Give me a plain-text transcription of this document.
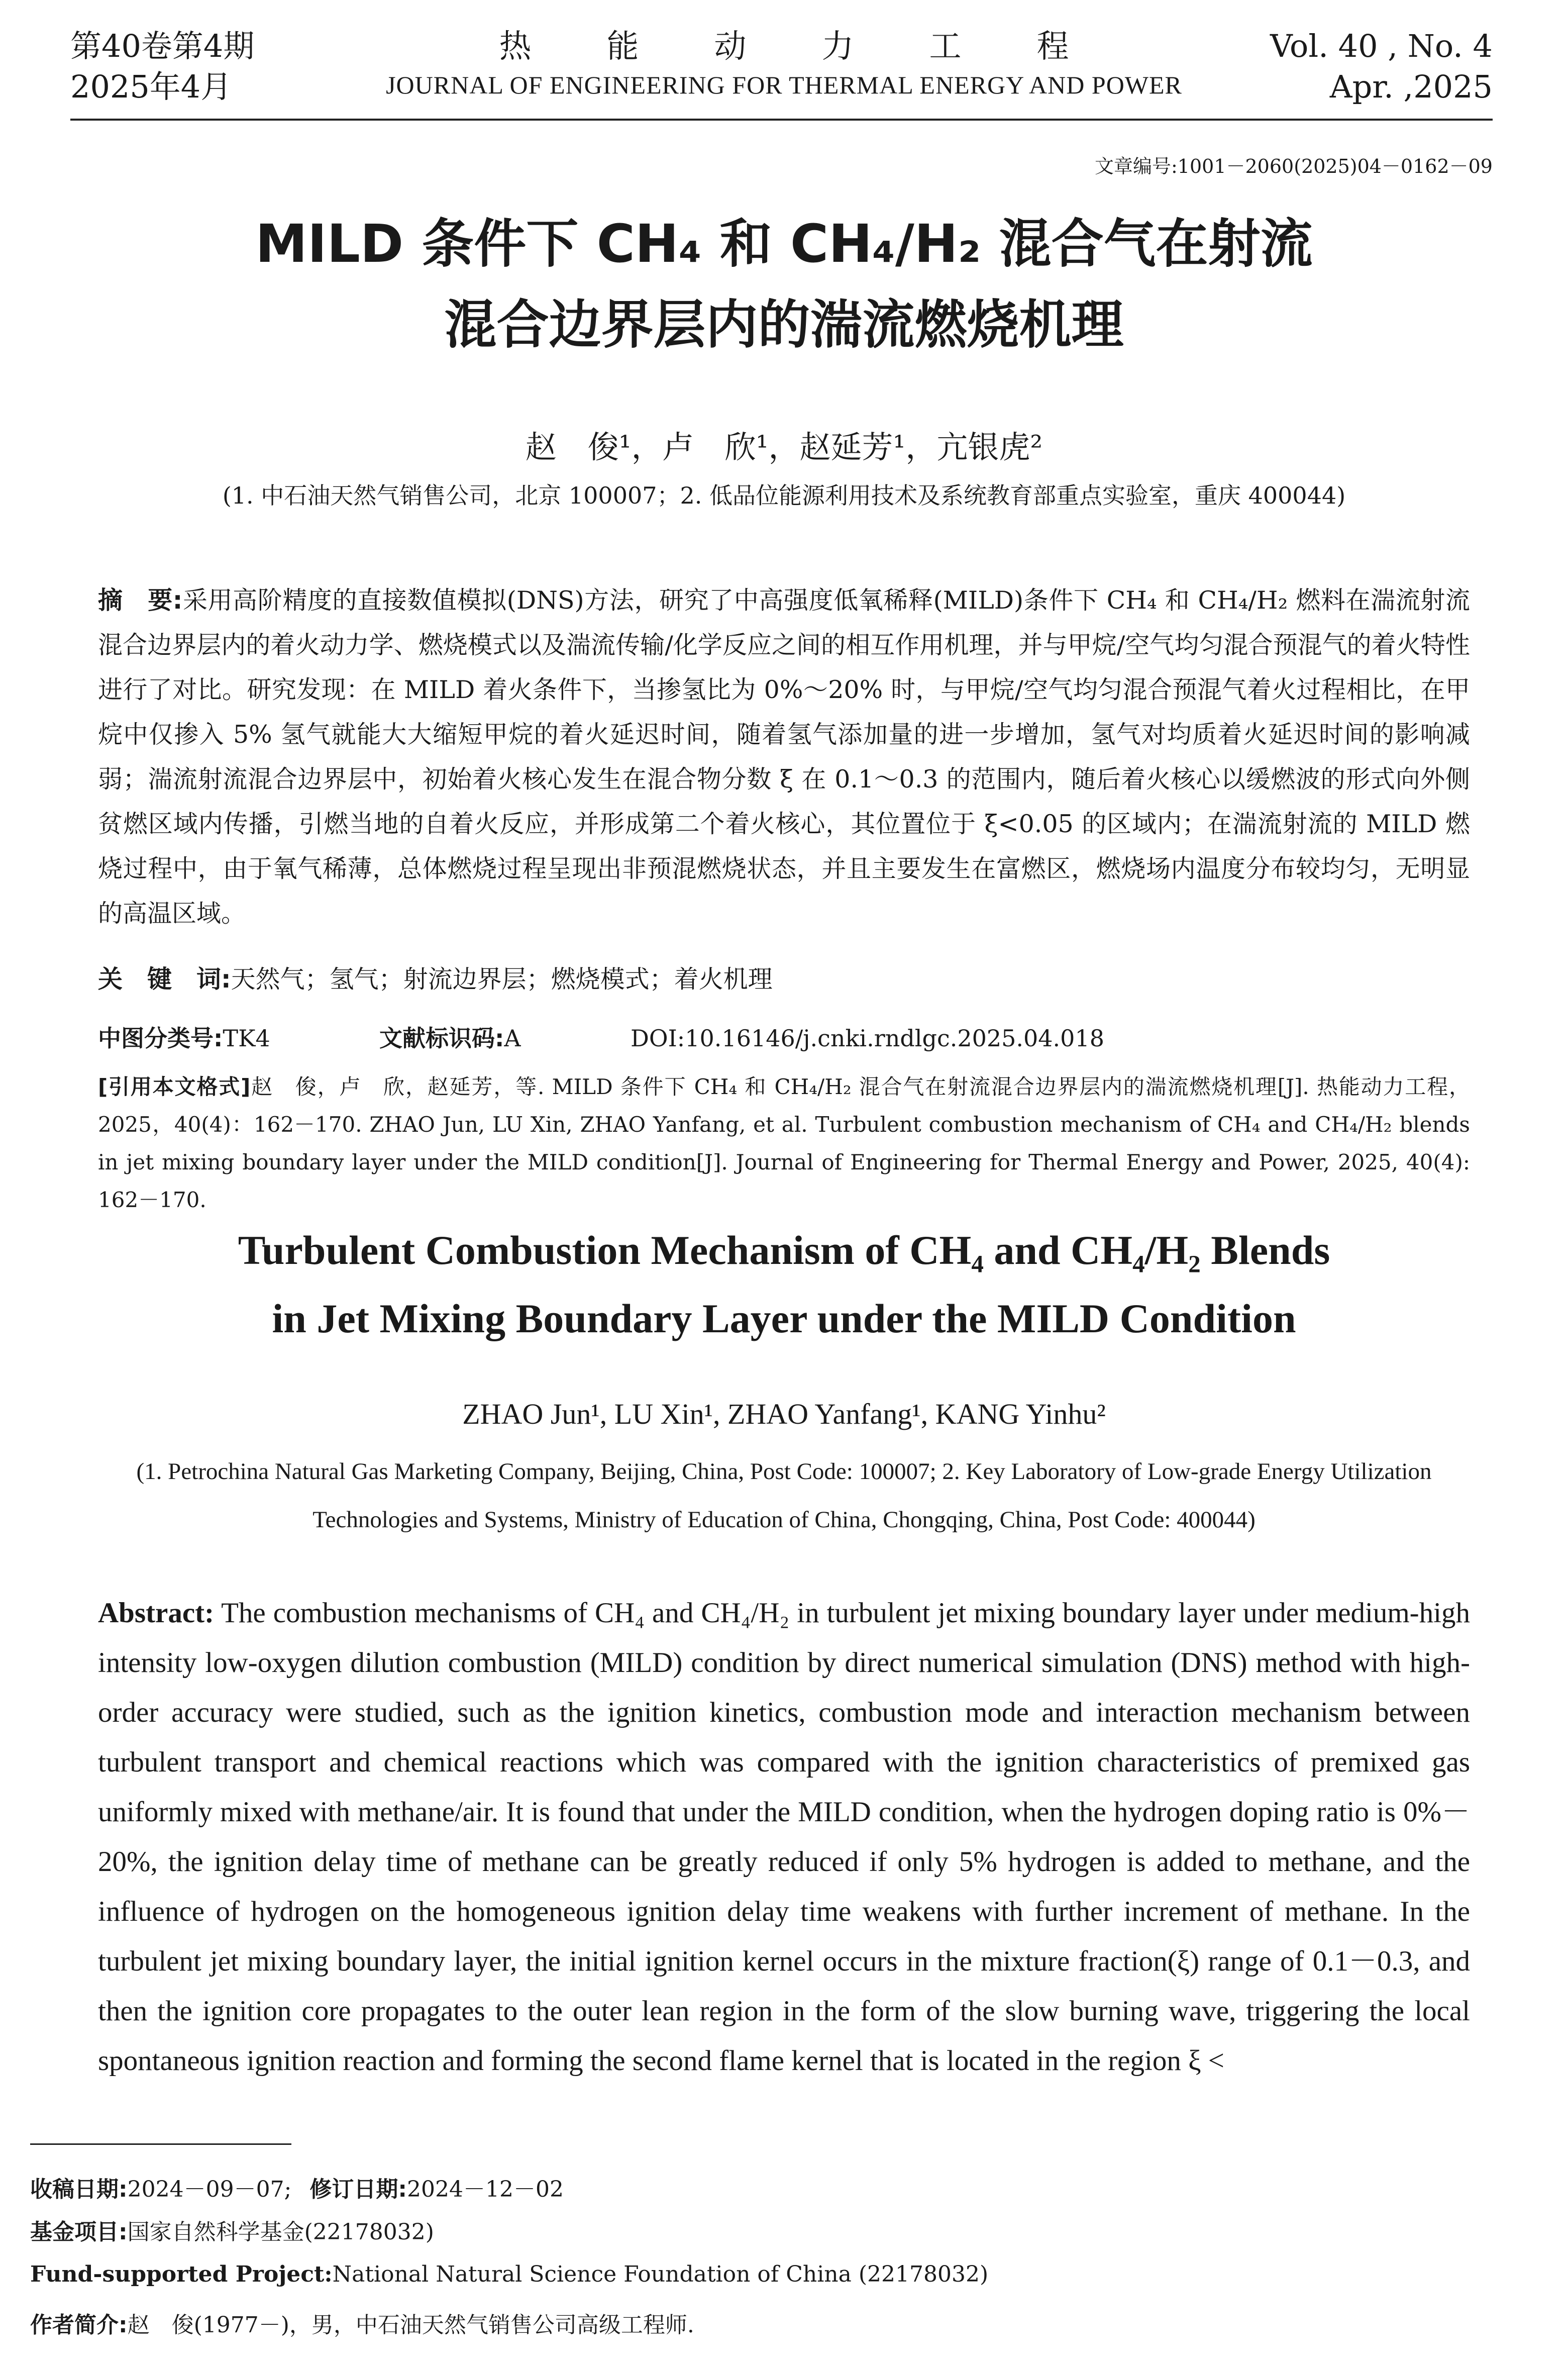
第40卷第4期
2025年4月
热能动力工程
JOURNAL OF ENGINEERING FOR THERMAL ENERGY AND POWER
Vol. 40 , No. 4
Apr. ,2025
文章编号:1001－2060(2025)04－0162－09
MILD 条件下 CH₄ 和 CH₄/H₂ 混合气在射流
混合边界层内的湍流燃烧机理
赵　俊¹，卢　欣¹，赵延芳¹，亢银虎²
(1. 中石油天然气销售公司，北京 100007；2. 低品位能源利用技术及系统教育部重点实验室，重庆 400044)
摘　要:采用高阶精度的直接数值模拟(DNS)方法，研究了中高强度低氧稀释(MILD)条件下 CH₄ 和 CH₄/H₂ 燃料在湍流射流混合边界层内的着火动力学、燃烧模式以及湍流传输/化学反应之间的相互作用机理，并与甲烷/空气均匀混合预混气的着火特性进行了对比。研究发现：在 MILD 着火条件下，当掺氢比为 0%～20% 时，与甲烷/空气均匀混合预混气着火过程相比，在甲烷中仅掺入 5% 氢气就能大大缩短甲烷的着火延迟时间，随着氢气添加量的进一步增加，氢气对均质着火延迟时间的影响减弱；湍流射流混合边界层中，初始着火核心发生在混合物分数 ξ 在 0.1～0.3 的范围内，随后着火核心以缓燃波的形式向外侧贫燃区域内传播，引燃当地的自着火反应，并形成第二个着火核心，其位置位于 ξ<0.05 的区域内；在湍流射流的 MILD 燃烧过程中，由于氧气稀薄，总体燃烧过程呈现出非预混燃烧状态，并且主要发生在富燃区，燃烧场内温度分布较均匀，无明显的高温区域。
关　键　词:天然气；氢气；射流边界层；燃烧模式；着火机理
中图分类号:TK4	文献标识码:A	DOI:10.16146/j.cnki.rndlgc.2025.04.018
[引用本文格式]赵　俊，卢　欣，赵延芳，等. MILD 条件下 CH₄ 和 CH₄/H₂ 混合气在射流混合边界层内的湍流燃烧机理[J]. 热能动力工程，2025，40(4)：162－170. ZHAO Jun, LU Xin, ZHAO Yanfang, et al. Turbulent combustion mechanism of CH₄ and CH₄/H₂ blends in jet mixing boundary layer under the MILD condition[J]. Journal of Engineering for Thermal Energy and Power, 2025, 40(4): 162－170.
Turbulent Combustion Mechanism of CH₄ and CH₄/H₂ Blends
in Jet Mixing Boundary Layer under the MILD Condition
ZHAO Jun¹, LU Xin¹, ZHAO Yanfang¹, KANG Yinhu²
(1. Petrochina Natural Gas Marketing Company, Beijing, China, Post Code: 100007; 2. Key Laboratory of Low-grade Energy Utilization Technologies and Systems, Ministry of Education of China, Chongqing, China, Post Code: 400044)
Abstract: The combustion mechanisms of CH₄ and CH₄/H₂ in turbulent jet mixing boundary layer under medium-high intensity low-oxygen dilution combustion (MILD) condition by direct numerical simulation (DNS) method with high-order accuracy were studied, such as the ignition kinetics, combustion mode and interaction mechanism between turbulent transport and chemical reactions which was compared with the ignition characteristics of premixed gas uniformly mixed with methane/air. It is found that under the MILD condition, when the hydrogen doping ratio is 0%－20%, the ignition delay time of methane can be greatly reduced if only 5% hydrogen is added to methane, and the influence of hydrogen on the homogeneous ignition delay time weakens with further increment of methane. In the turbulent jet mixing boundary layer, the initial ignition kernel occurs in the mixture fraction(ξ) range of 0.1－0.3, and then the ignition core propagates to the outer lean region in the form of the slow burning wave, triggering the local spontaneous ignition reaction and forming the second flame kernel that is located in the region ξ <
收稿日期:2024－09－07; 修订日期:2024－12－02
基金项目:国家自然科学基金(22178032)
Fund-supported Project:National Natural Science Foundation of China (22178032)
作者简介:赵　俊(1977－)，男，中石油天然气销售公司高级工程师.
